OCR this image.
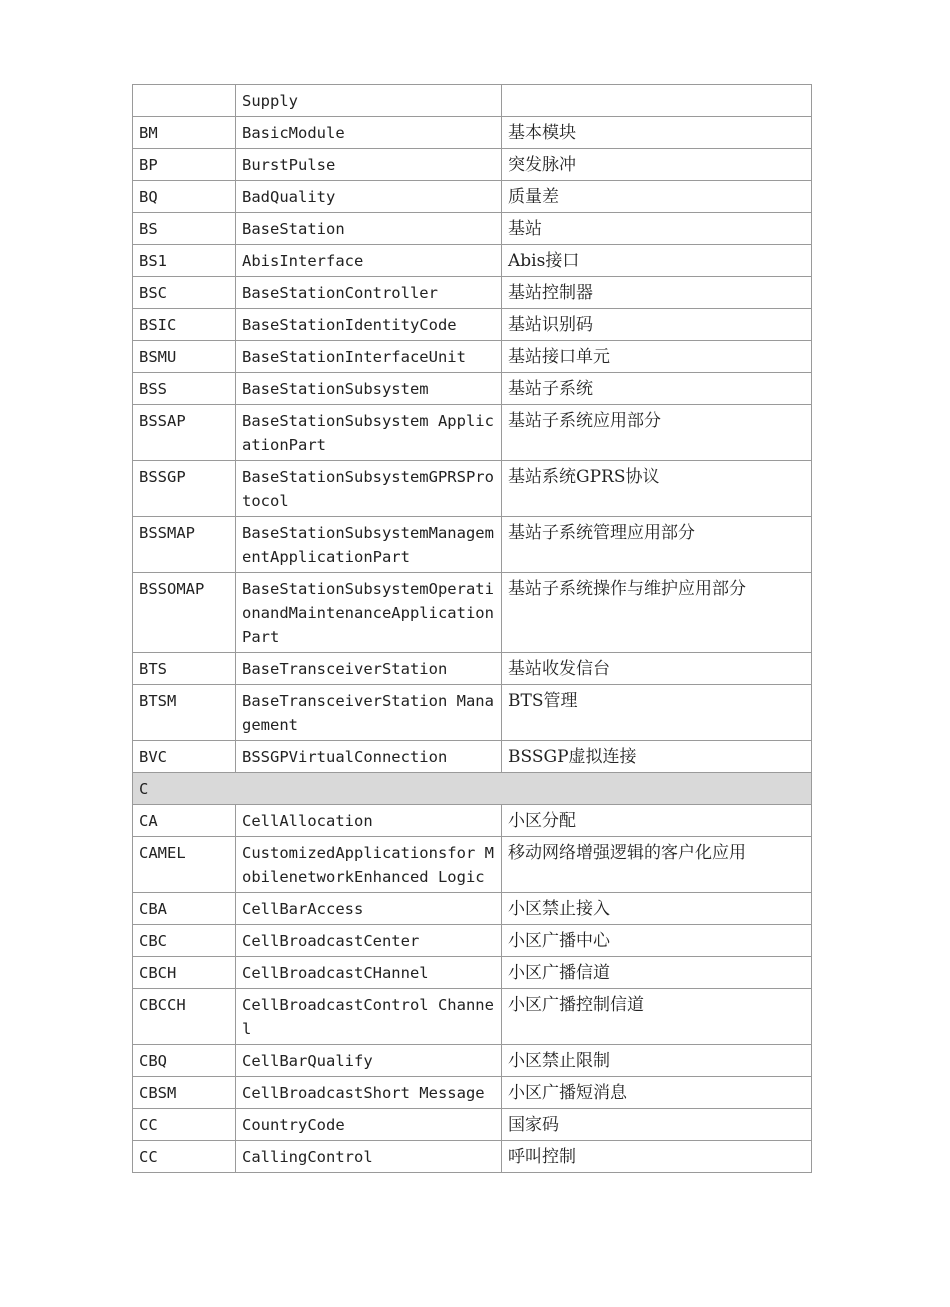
	Supply	
BM	BasicModule	基本模块
BP	BurstPulse	突发脉冲
BQ	BadQuality	质量差
BS	BaseStation	基站
BS1	AbisInterface	Abis接口
BSC	BaseStationController	基站控制器
BSIC	BaseStationIdentityCode	基站识别码
BSMU	BaseStationInterfaceUnit	基站接口单元
BSS	BaseStationSubsystem	基站子系统
BSSAP	BaseStationSubsystem ApplicationPart	基站子系统应用部分
BSSGP	BaseStationSubsystemGPRSProtocol	基站系统GPRS协议
BSSMAP	BaseStationSubsystemManagementApplicationPart	基站子系统管理应用部分
BSSOMAP	BaseStationSubsystemOperationandMaintenanceApplicationPart	基站子系统操作与维护应用部分
BTS	BaseTransceiverStation	基站收发信台
BTSM	BaseTransceiverStation Management	BTS管理
BVC	BSSGPVirtualConnection	BSSGP虚拟连接
C		
CA	CellAllocation	小区分配
CAMEL	CustomizedApplicationsfor MobilenetworkEnhanced Logic	移动网络增强逻辑的客户化应用
CBA	CellBarAccess	小区禁止接入
CBC	CellBroadcastCenter	小区广播中心
CBCH	CellBroadcastCHannel	小区广播信道
CBCCH	CellBroadcastControl Channel	小区广播控制信道
CBQ	CellBarQualify	小区禁止限制
CBSM	CellBroadcastShort Message	小区广播短消息
CC	CountryCode	国家码
CC	CallingControl	呼叫控制
